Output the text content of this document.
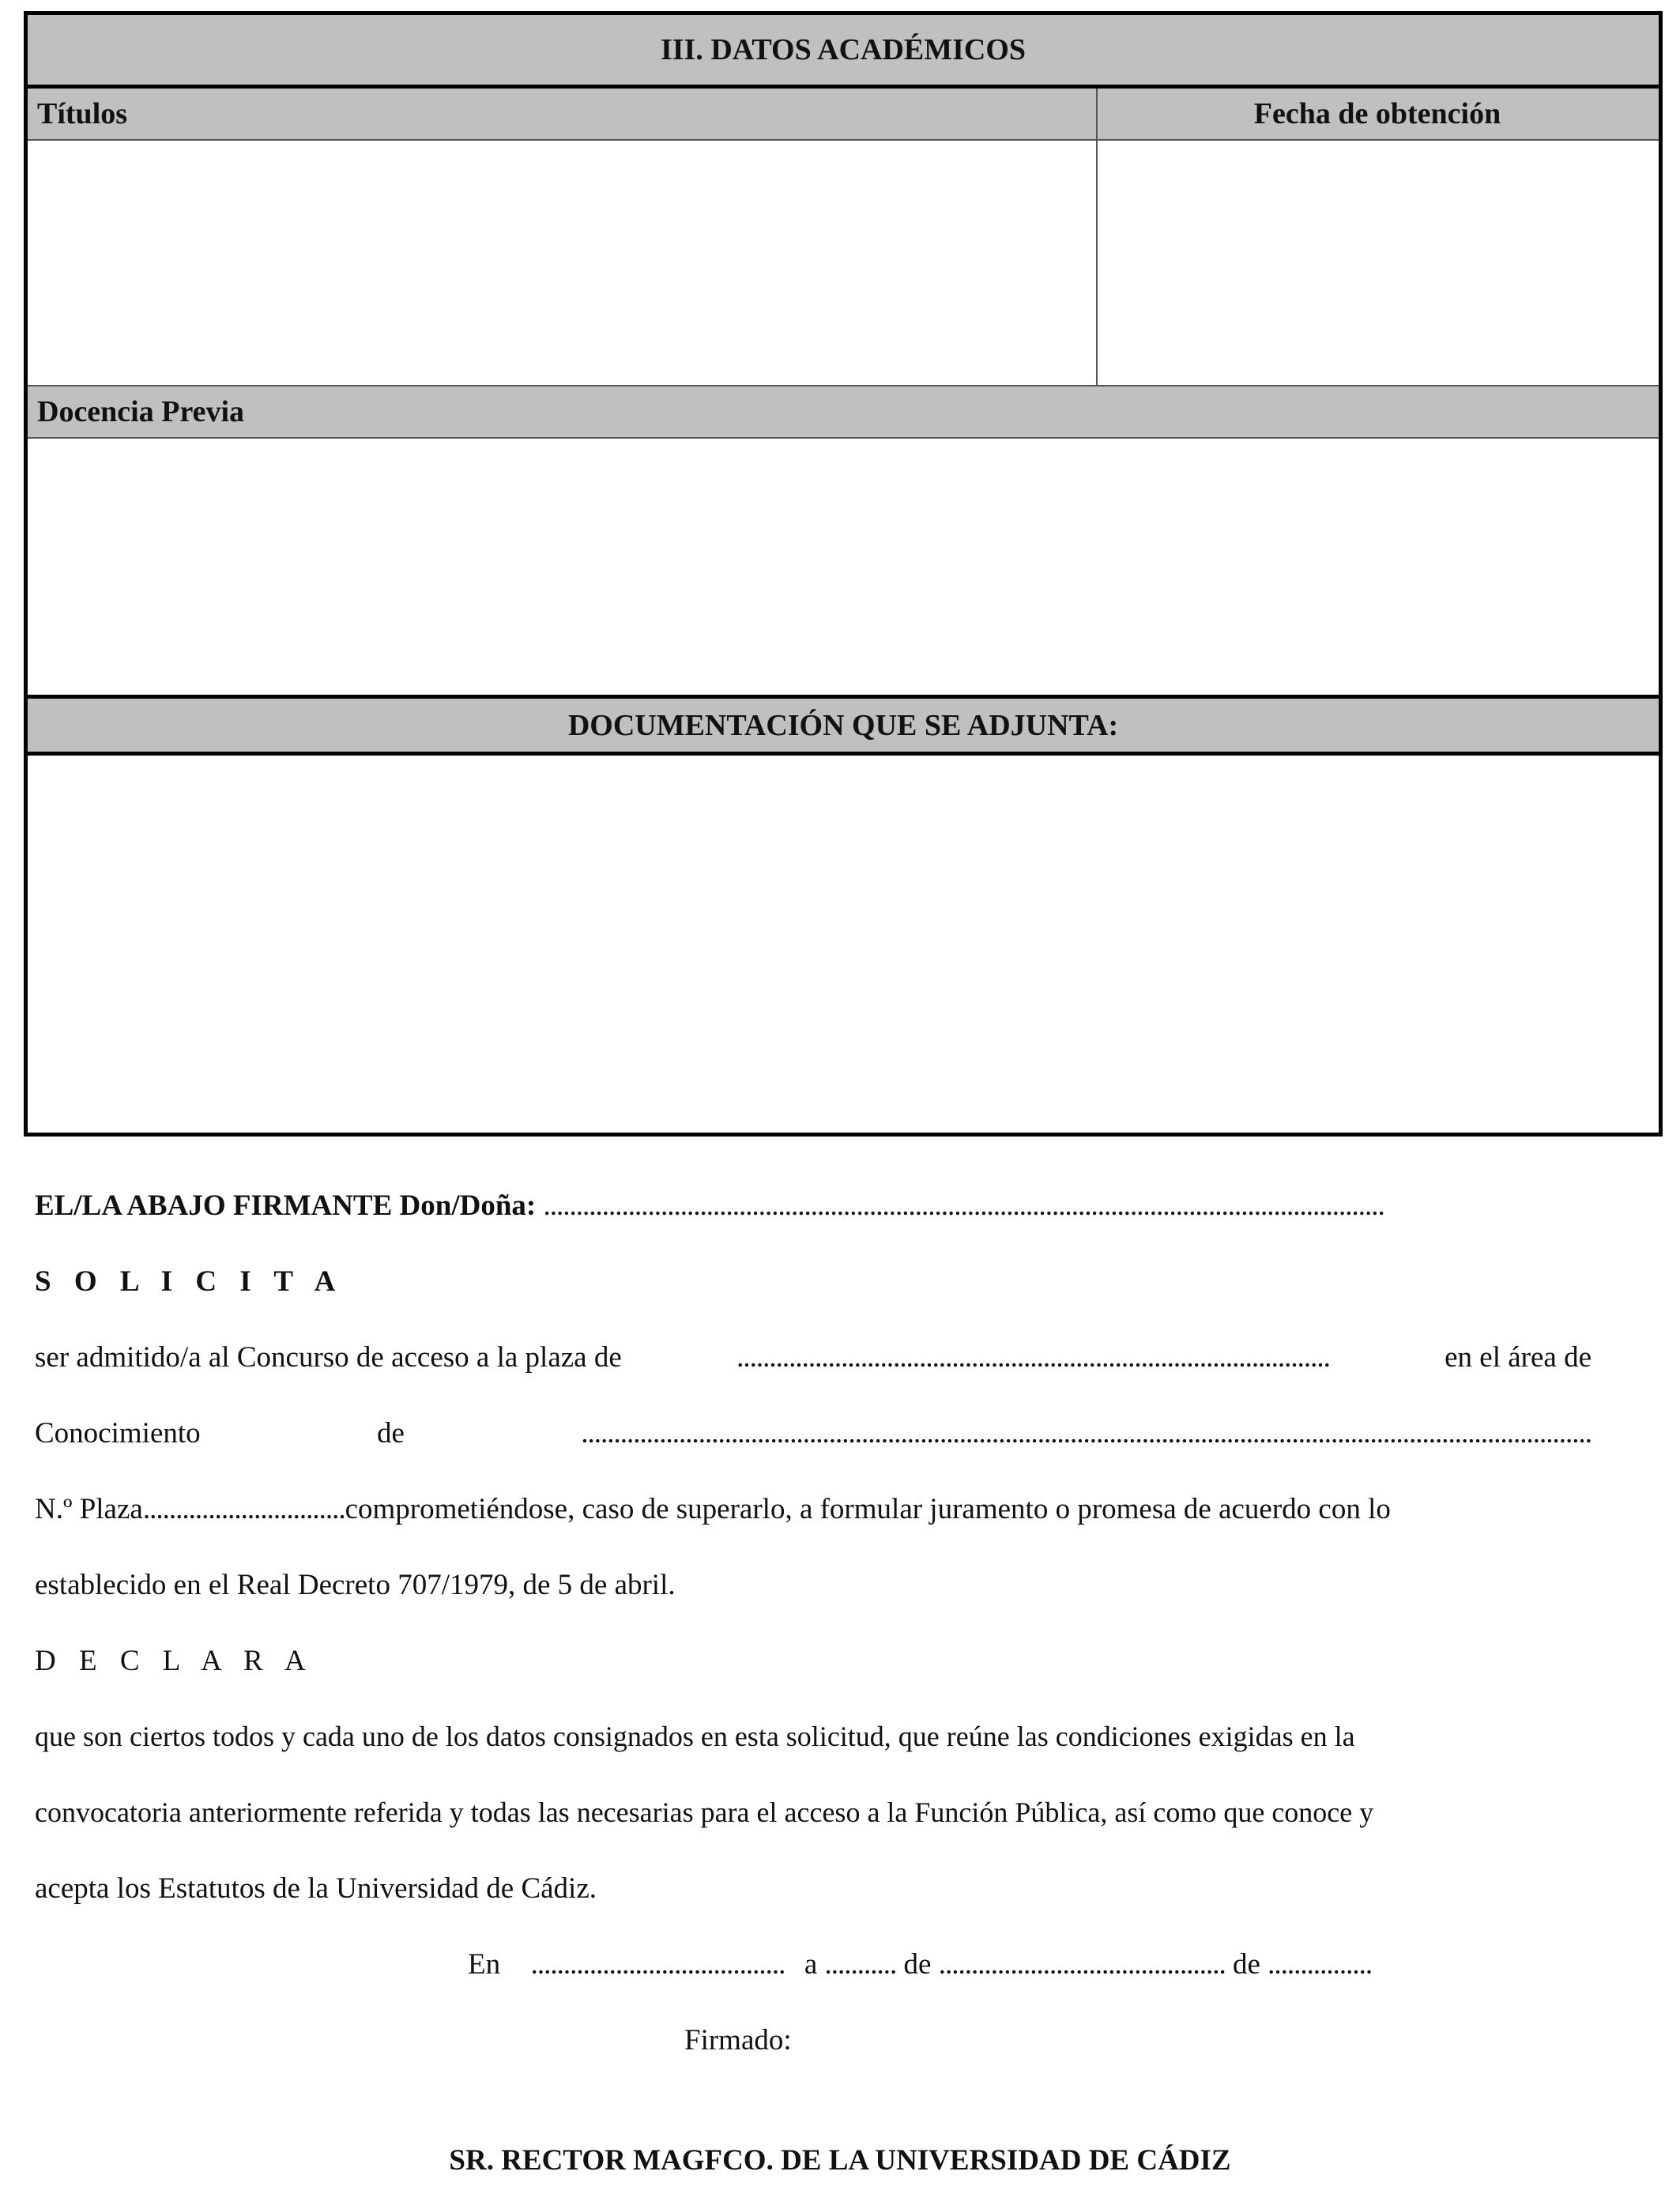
III. DATOS ACADÉMICOS
Títulos	Fecha de obtención
Docencia Previa
DOCUMENTACIÓN QUE SE ADJUNTA:
EL/LA ABAJO FIRMANTE Don/Doña: .................................................................................................................................
S O L I C I T A
ser admitido/a al Concurso de acceso a la plaza de	...........................................................................................	en el área de
Conocimiento	de	...........................................................................................................................................................
N.º Plaza...............................comprometiéndose, caso de superarlo, a formular juramento o promesa de acuerdo con lo
establecido en el Real Decreto 707/1979, de 5 de abril.
D E C L A R A
que son ciertos todos y cada uno de los datos consignados en esta solicitud, que reúne las condiciones exigidas en la
convocatoria anteriormente referida y todas las necesarias para el acceso a la Función Pública, así como que conoce y
acepta los Estatutos de la Universidad de Cádiz.
En ....................................... a ........... de ............................................ de ................
Firmado:
SR. RECTOR MAGFCO. DE LA UNIVERSIDAD DE CÁDIZ
